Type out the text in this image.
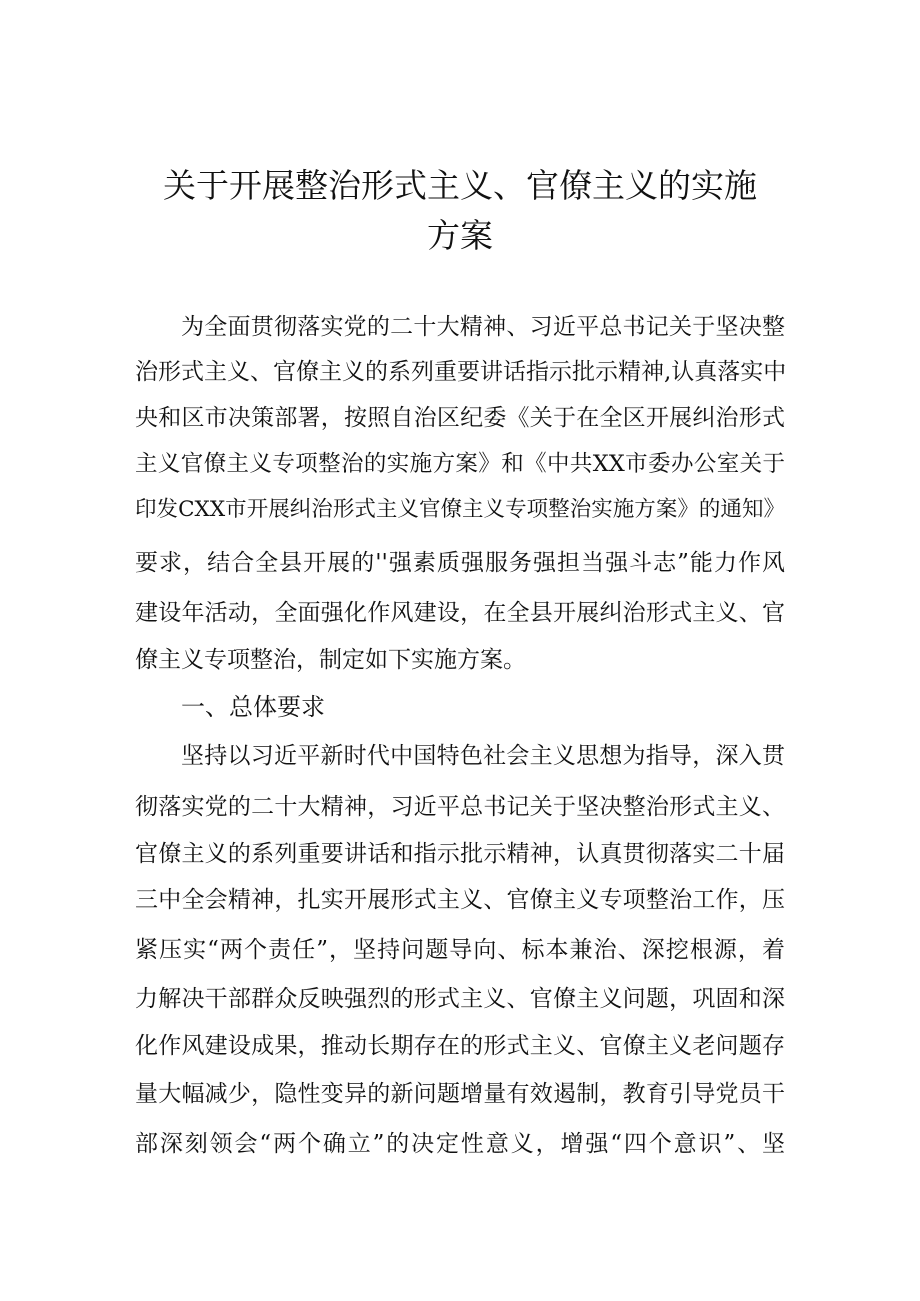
关于开展整治形式主义、官僚主义的实施
方案

为全面贯彻落实党的二十大精神、习近平总书记关于坚决整

治形式主义、官僚主义的系列重要讲话指示批示精神,认真落实中

央和区市决策部署，按照自治区纪委《关于在全区开展纠治形式

主义官僚主义专项整治的实施方案》和《中共XX市委办公室关于

印发CXX市开展纠治形式主义官僚主义专项整治实施方案》的通知》

要求，结合全县开展的''强素质强服务强担当强斗志”能力作风

建设年活动，全面强化作风建设，在全县开展纠治形式主义、官

僚主义专项整治，制定如下实施方案。

一、总体要求

坚持以习近平新时代中国特色社会主义思想为指导，深入贯

彻落实党的二十大精神，习近平总书记关于坚决整治形式主义、

官僚主义的系列重要讲话和指示批示精神，认真贯彻落实二十届

三中全会精神，扎实开展形式主义、官僚主义专项整治工作，压

紧压实“两个责任”，坚持问题导向、标本兼治、深挖根源，着

力解决干部群众反映强烈的形式主义、官僚主义问题，巩固和深

化作风建设成果，推动长期存在的形式主义、官僚主义老问题存

量大幅减少，隐性变异的新问题增量有效遏制，教育引导党员干

部深刻领会“两个确立”的决定性意义，增强“四个意识”、坚
